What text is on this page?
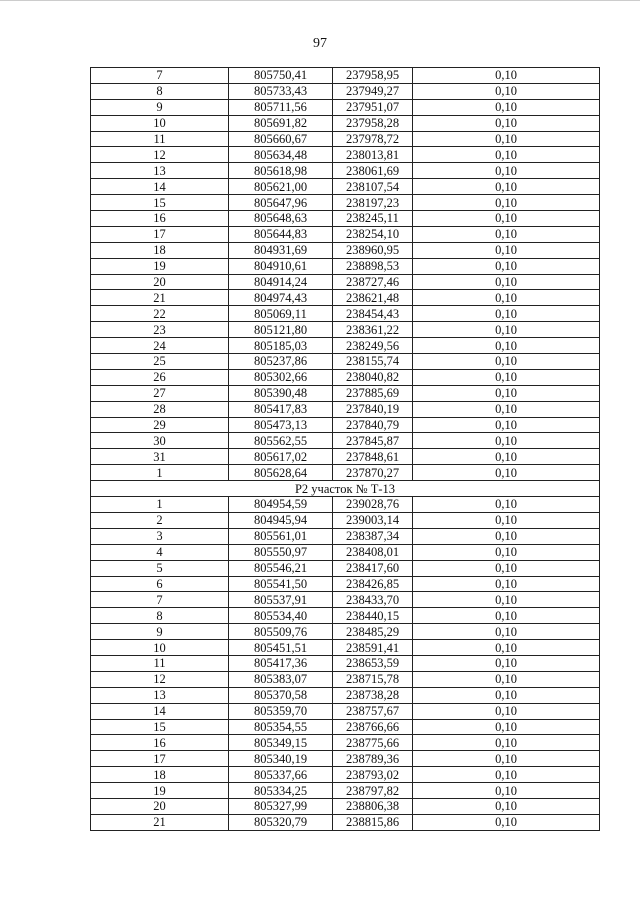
97
7	805750,41	237958,95	0,10
8	805733,43	237949,27	0,10
9	805711,56	237951,07	0,10
10	805691,82	237958,28	0,10
11	805660,67	237978,72	0,10
12	805634,48	238013,81	0,10
13	805618,98	238061,69	0,10
14	805621,00	238107,54	0,10
15	805647,96	238197,23	0,10
16	805648,63	238245,11	0,10
17	805644,83	238254,10	0,10
18	804931,69	238960,95	0,10
19	804910,61	238898,53	0,10
20	804914,24	238727,46	0,10
21	804974,43	238621,48	0,10
22	805069,11	238454,43	0,10
23	805121,80	238361,22	0,10
24	805185,03	238249,56	0,10
25	805237,86	238155,74	0,10
26	805302,66	238040,82	0,10
27	805390,48	237885,69	0,10
28	805417,83	237840,19	0,10
29	805473,13	237840,79	0,10
30	805562,55	237845,87	0,10
31	805617,02	237848,61	0,10
1	805628,64	237870,27	0,10
Р2 участок № Т-13			
1	804954,59	239028,76	0,10
2	804945,94	239003,14	0,10
3	805561,01	238387,34	0,10
4	805550,97	238408,01	0,10
5	805546,21	238417,60	0,10
6	805541,50	238426,85	0,10
7	805537,91	238433,70	0,10
8	805534,40	238440,15	0,10
9	805509,76	238485,29	0,10
10	805451,51	238591,41	0,10
11	805417,36	238653,59	0,10
12	805383,07	238715,78	0,10
13	805370,58	238738,28	0,10
14	805359,70	238757,67	0,10
15	805354,55	238766,66	0,10
16	805349,15	238775,66	0,10
17	805340,19	238789,36	0,10
18	805337,66	238793,02	0,10
19	805334,25	238797,82	0,10
20	805327,99	238806,38	0,10
21	805320,79	238815,86	0,10
